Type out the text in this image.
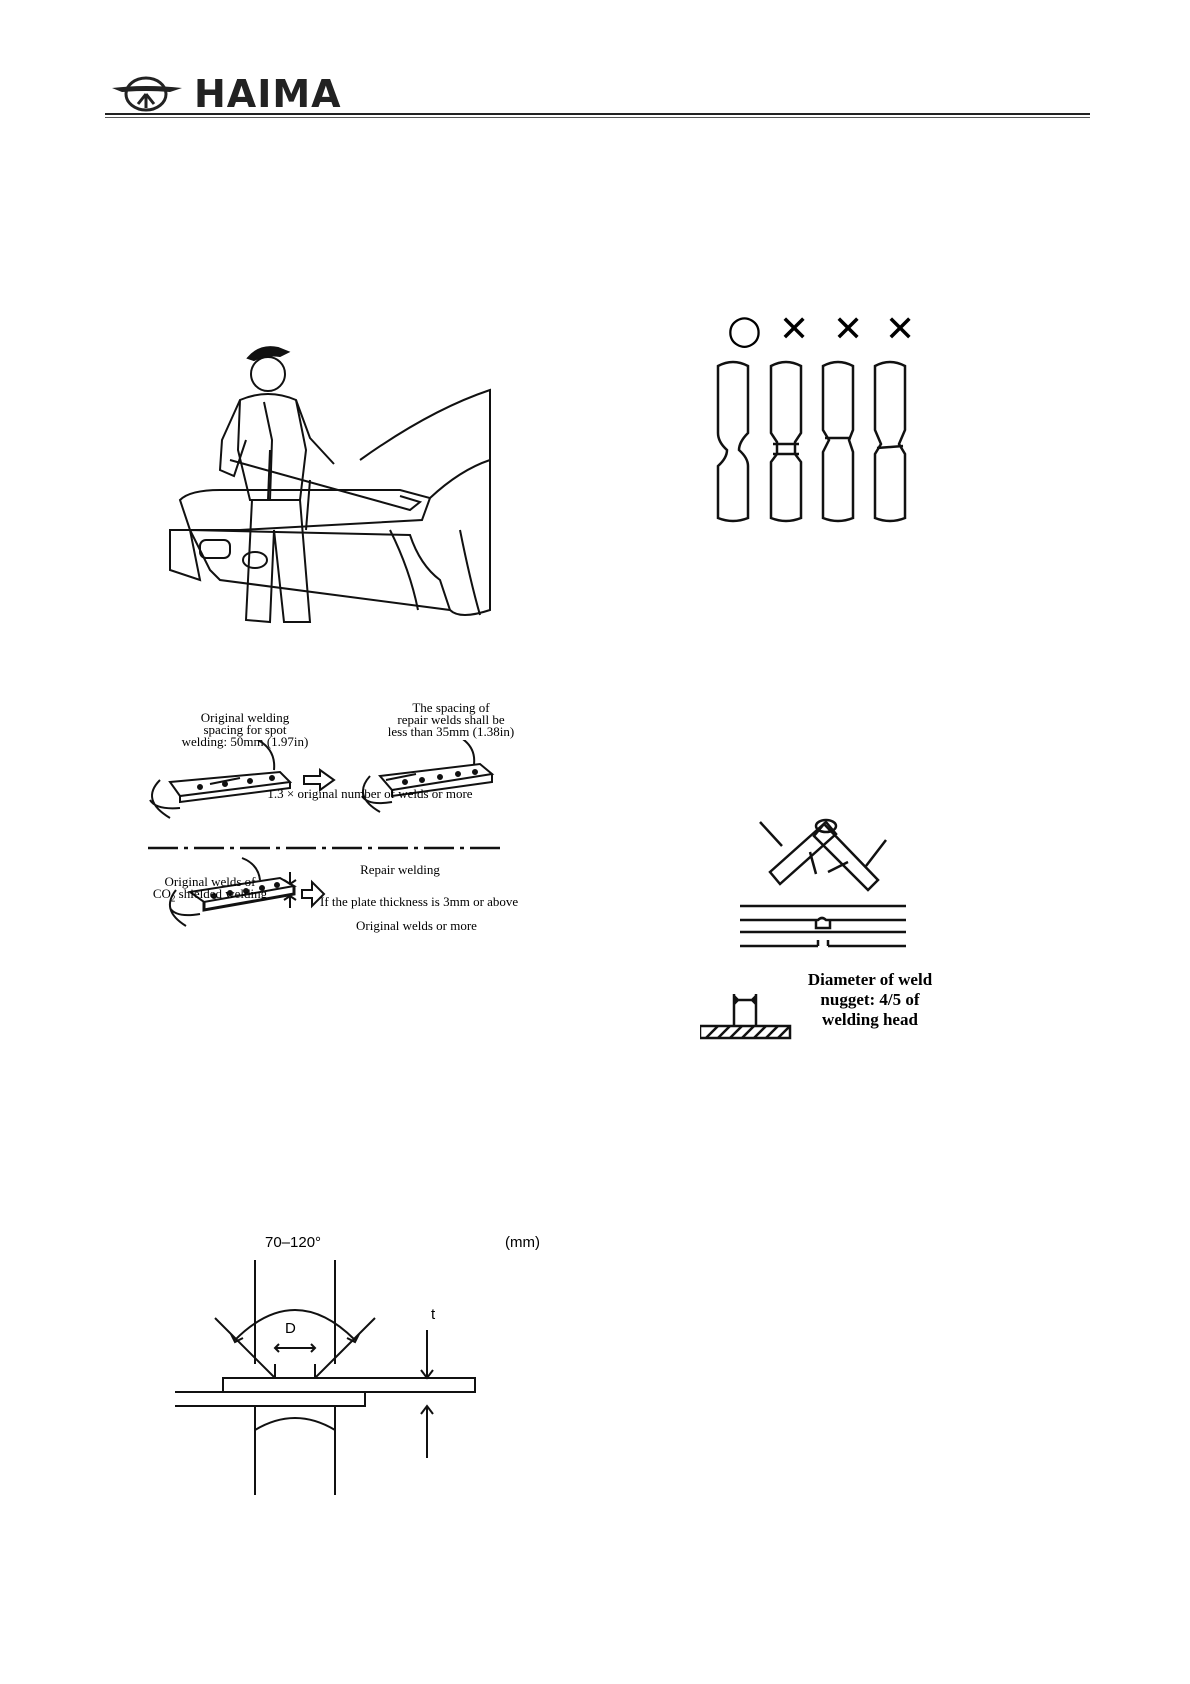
HAIMA
○ ✕ ✕ ✕
Original welding
spacing for spot
welding: 50mm (1.97in)
The spacing of
repair welds shall be
less than 35mm (1.38in)
1.3 × original number of welds or more
Repair welding
Original welds of
$CO_2$ shielded welding
If the plate thickness is 3mm or above
Original welds or more
Diameter of weld
nugget: 4/5 of
welding head
70–120°	(mm)
D
t
